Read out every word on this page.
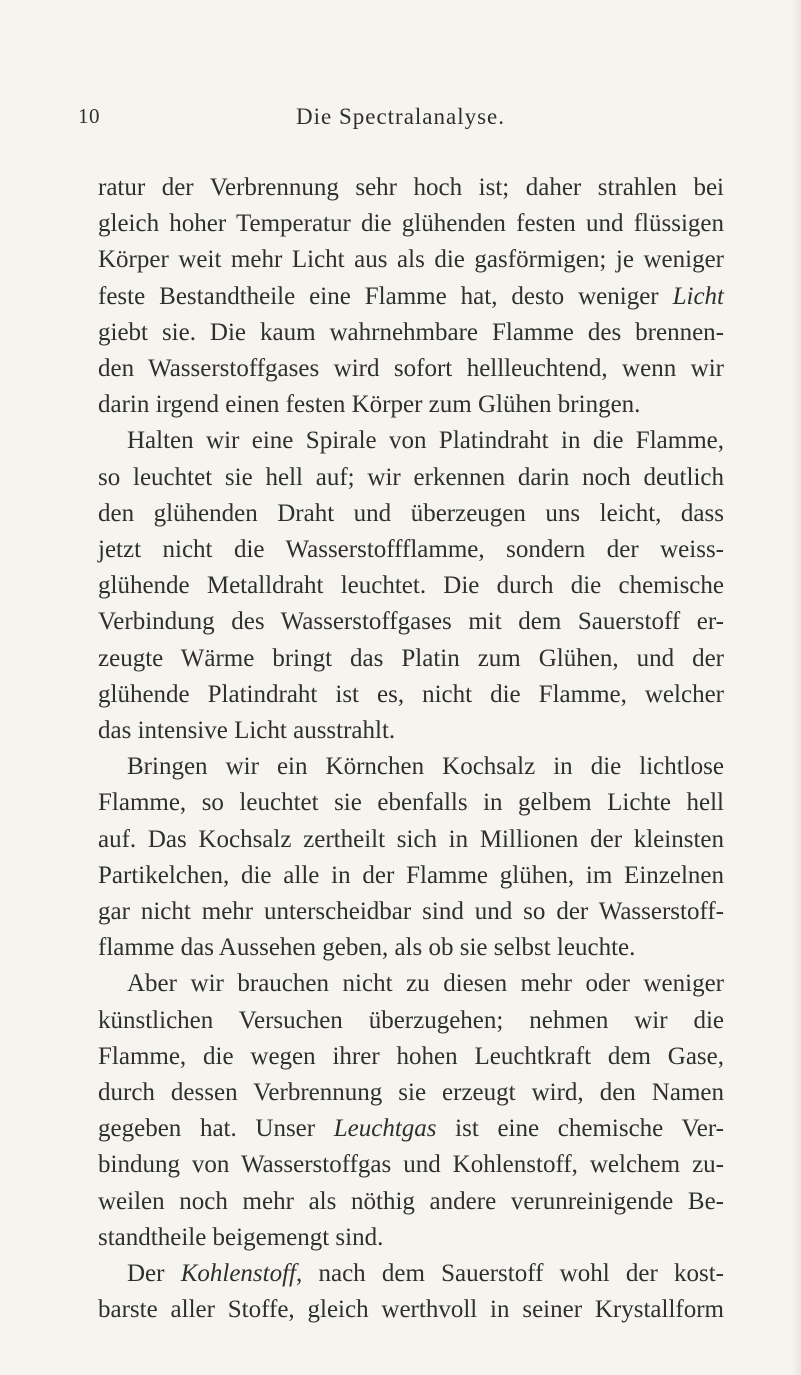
10	Die Spectralanalyse.
ratur der Verbrennung sehr hoch ist; daher strahlen bei
gleich hoher Temperatur die glühenden festen und flüssigen
Körper weit mehr Licht aus als die gasförmigen; je weniger
feste Bestandtheile eine Flamme hat, desto weniger Licht
giebt sie. Die kaum wahrnehmbare Flamme des brennen-
den Wasserstoffgases wird sofort hellleuchtend, wenn wir
darin irgend einen festen Körper zum Glühen bringen.
Halten wir eine Spirale von Platindraht in die Flamme,
so leuchtet sie hell auf; wir erkennen darin noch deutlich
den glühenden Draht und überzeugen uns leicht, dass
jetzt nicht die Wasserstoffflamme, sondern der weiss-
glühende Metalldraht leuchtet. Die durch die chemische
Verbindung des Wasserstoffgases mit dem Sauerstoff er-
zeugte Wärme bringt das Platin zum Glühen, und der
glühende Platindraht ist es, nicht die Flamme, welcher
das intensive Licht ausstrahlt.
Bringen wir ein Körnchen Kochsalz in die lichtlose
Flamme, so leuchtet sie ebenfalls in gelbem Lichte hell
auf. Das Kochsalz zertheilt sich in Millionen der kleinsten
Partikelchen, die alle in der Flamme glühen, im Einzelnen
gar nicht mehr unterscheidbar sind und so der Wasserstoff-
flamme das Aussehen geben, als ob sie selbst leuchte.
Aber wir brauchen nicht zu diesen mehr oder weniger
künstlichen Versuchen überzugehen; nehmen wir die
Flamme, die wegen ihrer hohen Leuchtkraft dem Gase,
durch dessen Verbrennung sie erzeugt wird, den Namen
gegeben hat. Unser Leuchtgas ist eine chemische Ver-
bindung von Wasserstoffgas und Kohlenstoff, welchem zu-
weilen noch mehr als nöthig andere verunreinigende Be-
standtheile beigemengt sind.
Der Kohlenstoff, nach dem Sauerstoff wohl der kost-
barste aller Stoffe, gleich werthvoll in seiner Krystallform
